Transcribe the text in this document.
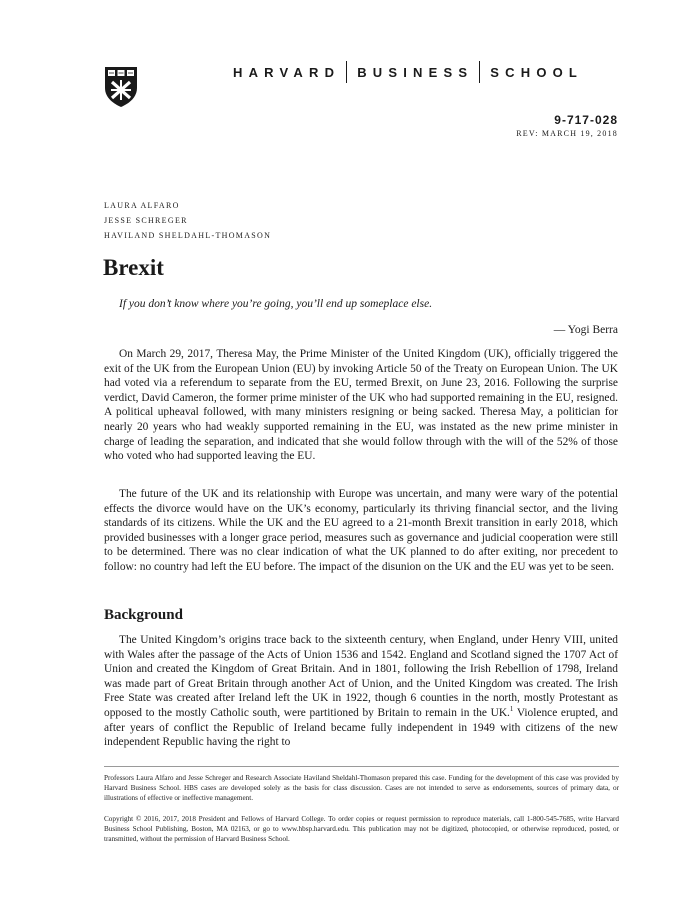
HARVARD BUSINESS SCHOOL
9-717-028
REV: MARCH 19, 2018
LAURA ALFARO
JESSE SCHREGER
HAVILAND SHELDAHL-THOMASON
Brexit
If you don’t know where you’re going, you’ll end up someplace else.
— Yogi Berra

On March 29, 2017, Theresa May, the Prime Minister of the United Kingdom (UK), officially triggered the exit of the UK from the European Union (EU) by invoking Article 50 of the Treaty on European Union. The UK had voted via a referendum to separate from the EU, termed Brexit, on June 23, 2016. Following the surprise verdict, David Cameron, the former prime minister of the UK who had supported remaining in the EU, resigned. A political upheaval followed, with many ministers resigning or being sacked. Theresa May, a politician for nearly 20 years who had weakly supported remaining in the EU, was instated as the new prime minister in charge of leading the separation, and indicated that she would follow through with the will of the 52% of those who voted who had supported leaving the EU.

The future of the UK and its relationship with Europe was uncertain, and many were wary of the potential effects the divorce would have on the UK’s economy, particularly its thriving financial sector, and the living standards of its citizens. While the UK and the EU agreed to a 21-month Brexit transition in early 2018, which provided businesses with a longer grace period, measures such as governance and judicial cooperation were still to be determined. There was no clear indication of what the UK planned to do after exiting, nor precedent to follow: no country had left the EU before. The impact of the disunion on the UK and the EU was yet to be seen.

Background

The United Kingdom’s origins trace back to the sixteenth century, when England, under Henry VIII, united with Wales after the passage of the Acts of Union 1536 and 1542. England and Scotland signed the 1707 Act of Union and created the Kingdom of Great Britain. And in 1801, following the Irish Rebellion of 1798, Ireland was made part of Great Britain through another Act of Union, and the United Kingdom was created. The Irish Free State was created after Ireland left the UK in 1922, though 6 counties in the north, mostly Protestant as opposed to the mostly Catholic south, were partitioned by Britain to remain in the UK.$^1$ Violence erupted, and after years of conflict the Republic of Ireland became fully independent in 1949 with citizens of the new independent Republic having the right to

Professors Laura Alfaro and Jesse Schreger and Research Associate Haviland Sheldahl-Thomason prepared this case. Funding for the development of this case was provided by Harvard Business School. HBS cases are developed solely as the basis for class discussion. Cases are not intended to serve as endorsements, sources of primary data, or illustrations of effective or ineffective management.
Copyright © 2016, 2017, 2018 President and Fellows of Harvard College. To order copies or request permission to reproduce materials, call 1-800-545-7685, write Harvard Business School Publishing, Boston, MA 02163, or go to www.hbsp.harvard.edu. This publication may not be digitized, photocopied, or otherwise reproduced, posted, or transmitted, without the permission of Harvard Business School.
